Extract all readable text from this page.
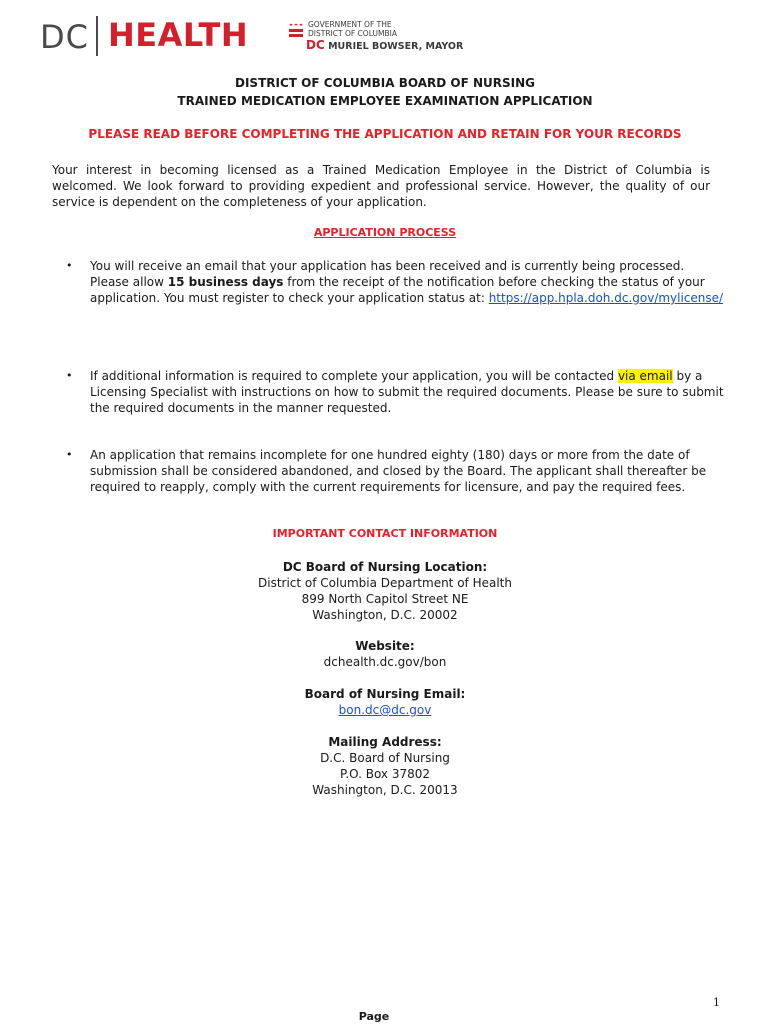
DC HEALTH	GOVERNMENT OF THE
DISTRICT OF COLUMBIA
DC MURIEL BOWSER, MAYOR
DISTRICT OF COLUMBIA BOARD OF NURSING
TRAINED MEDICATION EMPLOYEE EXAMINATION APPLICATION
PLEASE READ BEFORE COMPLETING THE APPLICATION AND RETAIN FOR YOUR RECORDS
Your interest in becoming licensed as a Trained Medication Employee in the District of Columbia is welcomed. We look forward to providing expedient and professional service. However, the quality of our service is dependent on the completeness of your application.
APPLICATION PROCESS
• You will receive an email that your application has been received and is currently being processed. Please allow 15 business days from the receipt of the notification before checking the status of your application. You must register to check your application status at: https://app.hpla.doh.dc.gov/mylicense/
• If additional information is required to complete your application, you will be contacted via email by a Licensing Specialist with instructions on how to submit the required documents. Please be sure to submit the required documents in the manner requested.
• An application that remains incomplete for one hundred eighty (180) days or more from the date of submission shall be considered abandoned, and closed by the Board. The applicant shall thereafter be required to reapply, comply with the current requirements for licensure, and pay the required fees.
IMPORTANT CONTACT INFORMATION
DC Board of Nursing Location:
District of Columbia Department of Health
899 North Capitol Street NE
Washington, D.C. 20002
Website:
dchealth.dc.gov/bon
Board of Nursing Email:
bon.dc@dc.gov
Mailing Address:
D.C. Board of Nursing
P.O. Box 37802
Washington, D.C. 20013
1
Page
